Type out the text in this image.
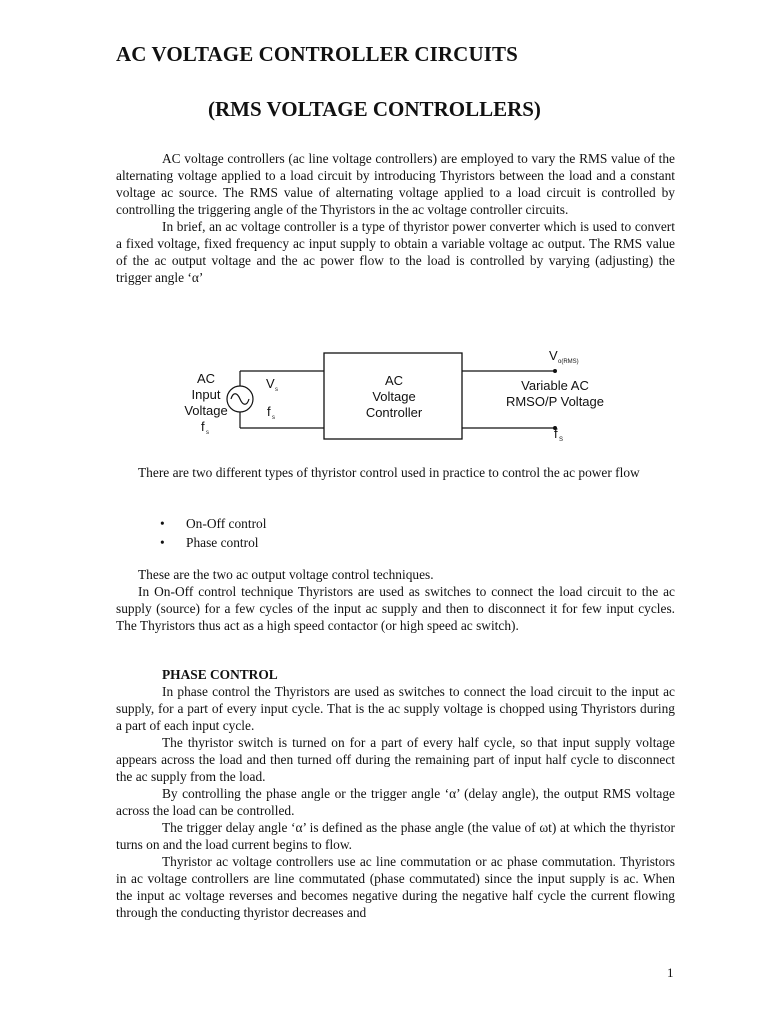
AC VOLTAGE CONTROLLER CIRCUITS
(RMS VOLTAGE CONTROLLERS)

AC voltage controllers (ac line voltage controllers) are employed to vary the RMS value of the alternating voltage applied to a load circuit by introducing Thyristors between the load and a constant voltage ac source. The RMS value of alternating voltage applied to a load circuit is controlled by controlling the triggering angle of the Thyristors in the ac voltage controller circuits.

In brief, an ac voltage controller is a type of thyristor power converter which is used to convert a fixed voltage, fixed frequency ac input supply to obtain a variable voltage ac output. The RMS value of the ac output voltage and the ac power flow to the load is controlled by varying (adjusting) the trigger angle ‘α’

AC
Voltage
Controller
AC
Input
Voltage
f s
V s
f s
V o(RMS)
Variable AC
RMSO/P Voltage
f S

There are two different types of thyristor control used in practice to control the ac power flow

• On-Off control
• Phase control

These are the two ac output voltage control techniques.

In On-Off control technique Thyristors are used as switches to connect the load circuit to the ac supply (source) for a few cycles of the input ac supply and then to disconnect it for few input cycles. The Thyristors thus act as a high speed contactor (or high speed ac switch).

PHASE CONTROL

In phase control the Thyristors are used as switches to connect the load circuit to the input ac supply, for a part of every input cycle. That is the ac supply voltage is chopped using Thyristors during a part of each input cycle.

The thyristor switch is turned on for a part of every half cycle, so that input supply voltage appears across the load and then turned off during the remaining part of input half cycle to disconnect the ac supply from the load.

By controlling the phase angle or the trigger angle ‘α’ (delay angle), the output RMS voltage across the load can be controlled.

The trigger delay angle ‘α’ is defined as the phase angle (the value of ωt) at which the thyristor turns on and the load current begins to flow.

Thyristor ac voltage controllers use ac line commutation or ac phase commutation. Thyristors in ac voltage controllers are line commutated (phase commutated) since the input supply is ac. When the input ac voltage reverses and becomes negative during the negative half cycle the current flowing through the conducting thyristor decreases and

1
